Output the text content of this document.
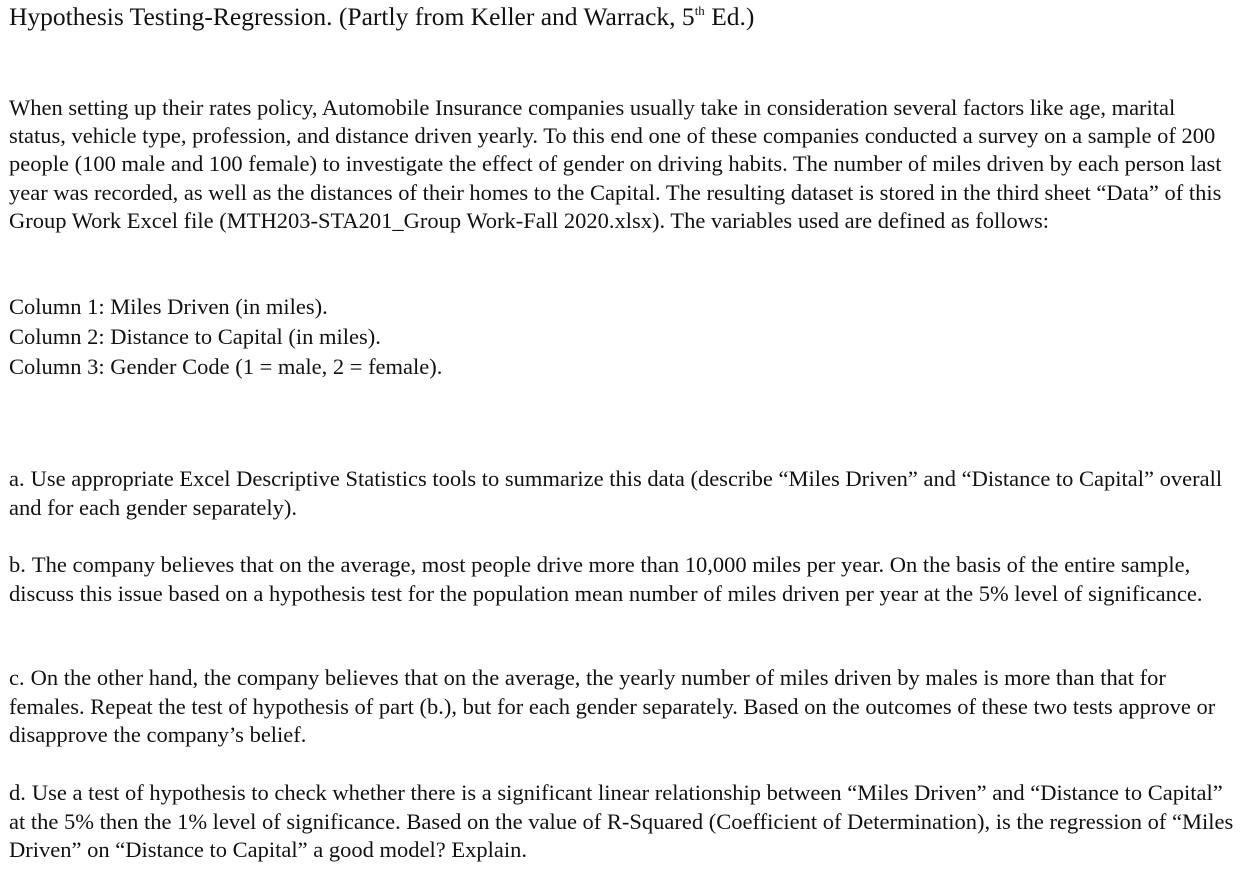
Hypothesis Testing-Regression. (Partly from Keller and Warrack, 5th Ed.)

When setting up their rates policy, Automobile Insurance companies usually take in consideration several factors like age, marital status, vehicle type, profession, and distance driven yearly. To this end one of these companies conducted a survey on a sample of 200 people (100 male and 100 female) to investigate the effect of gender on driving habits. The number of miles driven by each person last year was recorded, as well as the distances of their homes to the Capital. The resulting dataset is stored in the third sheet “Data” of this Group Work Excel file (MTH203-STA201_Group Work-Fall 2020.xlsx). The variables used are defined as follows:

Column 1: Miles Driven (in miles).
Column 2: Distance to Capital (in miles).
Column 3: Gender Code (1 = male, 2 = female).

a. Use appropriate Excel Descriptive Statistics tools to summarize this data (describe “Miles Driven” and “Distance to Capital” overall and for each gender separately).

b. The company believes that on the average, most people drive more than 10,000 miles per year. On the basis of the entire sample, discuss this issue based on a hypothesis test for the population mean number of miles driven per year at the 5% level of significance.

c. On the other hand, the company believes that on the average, the yearly number of miles driven by males is more than that for females. Repeat the test of hypothesis of part (b.), but for each gender separately. Based on the outcomes of these two tests approve or disapprove the company’s belief.

d. Use a test of hypothesis to check whether there is a significant linear relationship between “Miles Driven” and “Distance to Capital” at the 5% then the 1% level of significance. Based on the value of R-Squared (Coefficient of Determination), is the regression of “Miles Driven” on “Distance to Capital” a good model? Explain.
